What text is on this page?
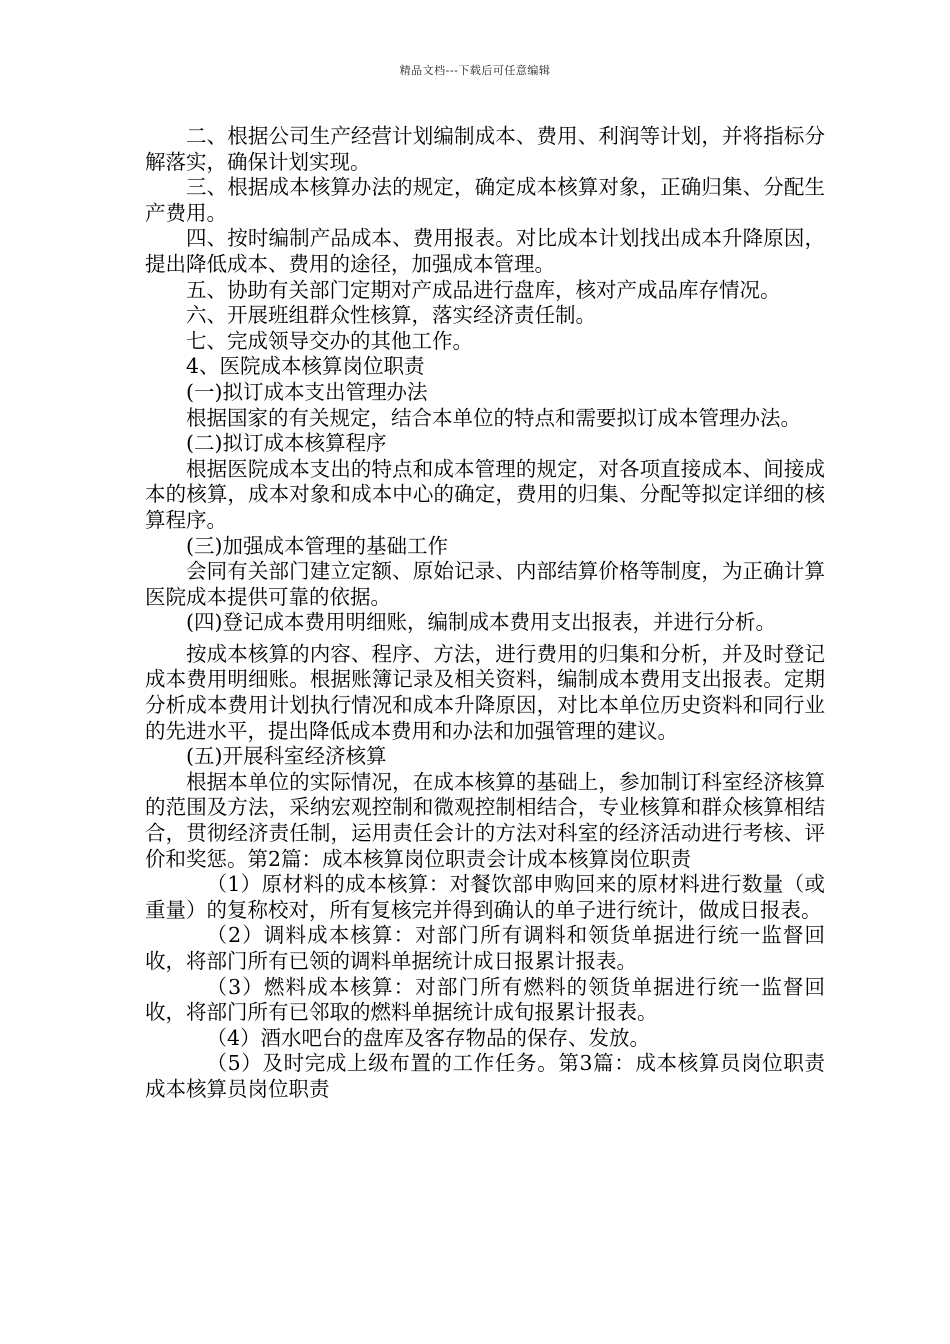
精品文档---下载后可任意编辑

二、根据公司生产经营计划编制成本、费用、利润等计划，并将指标分解落实，确保计划实现。

三、根据成本核算办法的规定，确定成本核算对象，正确归集、分配生产费用。

四、按时编制产品成本、费用报表。对比成本计划找出成本升降原因，提出降低成本、费用的途径，加强成本管理。

五、协助有关部门定期对产成品进行盘库，核对产成品库存情况。

六、开展班组群众性核算，落实经济责任制。

七、完成领导交办的其他工作。

4、医院成本核算岗位职责

(一)拟订成本支出管理办法

根据国家的有关规定，结合本单位的特点和需要拟订成本管理办法。

(二)拟订成本核算程序

根据医院成本支出的特点和成本管理的规定，对各项直接成本、间接成本的核算，成本对象和成本中心的确定，费用的归集、分配等拟定详细的核算程序。

(三)加强成本管理的基础工作

会同有关部门建立定额、原始记录、内部结算价格等制度，为正确计算医院成本提供可靠的依据。

(四)登记成本费用明细账，编制成本费用支出报表，并进行分析。

按成本核算的内容、程序、方法，进行费用的归集和分析，并及时登记成本费用明细账。根据账簿记录及相关资料，编制成本费用支出报表。定期分析成本费用计划执行情况和成本升降原因，对比本单位历史资料和同行业的先进水平，提出降低成本费用和办法和加强管理的建议。

(五)开展科室经济核算

根据本单位的实际情况，在成本核算的基础上，参加制订科室经济核算的范围及方法，采纳宏观控制和微观控制相结合，专业核算和群众核算相结合，贯彻经济责任制，运用责任会计的方法对科室的经济活动进行考核、评价和奖惩。第2篇：成本核算岗位职责会计成本核算岗位职责

（1）原材料的成本核算：对餐饮部申购回来的原材料进行数量（或重量）的复称校对，所有复核完并得到确认的单子进行统计，做成日报表。

（2）调料成本核算：对部门所有调料和领货单据进行统一监督回收，将部门所有已领的调料单据统计成日报累计报表。

（3）燃料成本核算：对部门所有燃料的领货单据进行统一监督回收，将部门所有已邻取的燃料单据统计成旬报累计报表。

（4）酒水吧台的盘库及客存物品的保存、发放。

（5）及时完成上级布置的工作任务。第3篇：成本核算员岗位职责成本核算员岗位职责
